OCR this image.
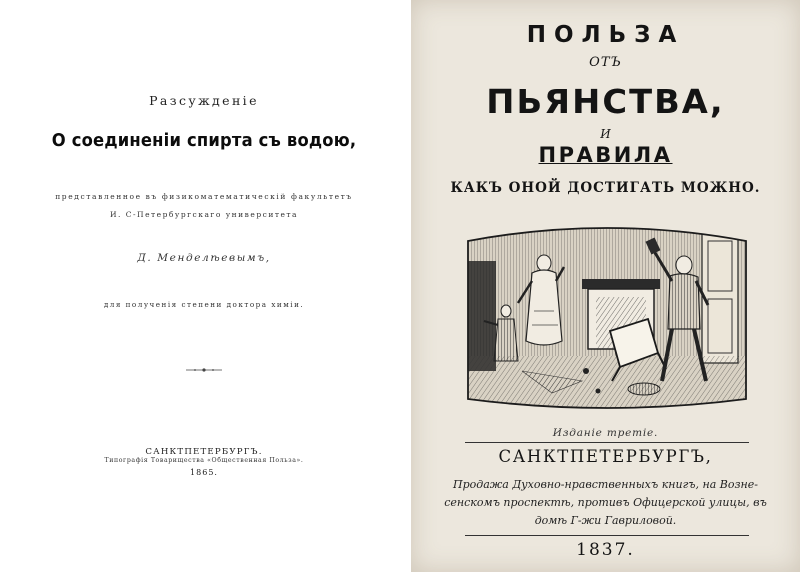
Разсужденіе
О соединеніи спирта съ водою,
представленное въ физикоматематическій факультетъ
И. С-Петербургскаго университета
Д. Менделѣевымъ,
для полученія степени доктора химіи.
САНКТПЕТЕРБУРГЪ.
Типографія Товарищества «Общественная Польза».
1865.
ПОЛЬЗА
ОТЪ
ПЬЯНСТВА,
И
ПРАВИЛА
КАКЪ ОНОЙ ДОСТИГАТЬ МОЖНО.
Изданіе третіе.
САНКТПЕТЕРБУРГЪ,
Продажа Духовно-нравственныхъ книгъ, на Возне-
сенскомъ проспектѣ, противъ Офицерской улицы, въ
домѣ Г-жи Гавриловой.
1837.
